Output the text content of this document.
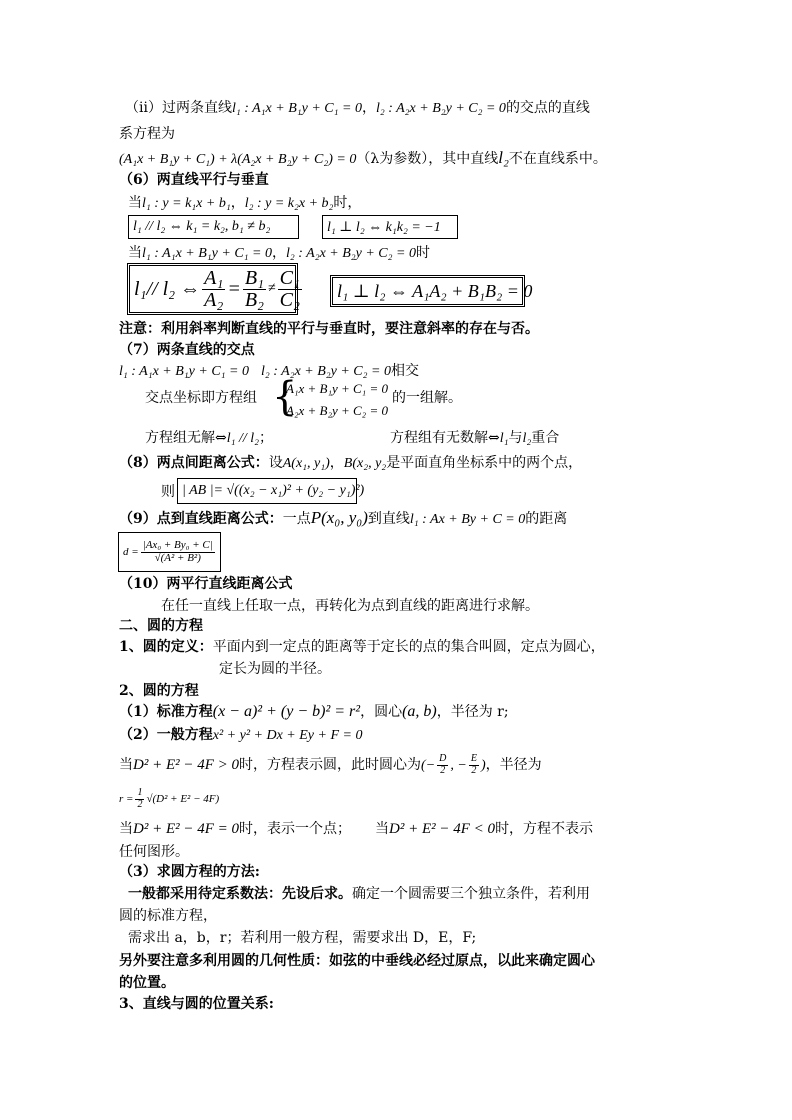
（ⅱ）过两条直线l₁ : A₁x + B₁y + C₁ = 0，l₂ : A₂x + B₂y + C₂ = 0的交点的直线
系方程为
(A₁x + B₁y + C₁) + λ(A₂x + B₂y + C₂) = 0（λ为参数），其中直线l₂不在直线系中。
（6）两直线平行与垂直
当l₁ : y = k₁x + b₁，l₂ : y = k₂x + b₂时，
l₁ // l₂ ⇔ k₁ = k₂, b₁ ≠ b₂	l₁ ⊥ l₂ ⇔ k₁k₂ = −1
当l₁ : A₁x + B₁y + C₁ = 0，l₂ : A₂x + B₂y + C₂ = 0时
l₁// l₂ ⇔ $\frac{\text{A₁}}{\text{A₂}} = \frac{\text{B₁}}{\text{B₂}} \ne \frac{\text{C₁}}{\text{C₂}}$	l₁ ⊥ l₂ ⇔ A₁A₂ + B₁B₂ = 0
注意：利用斜率判断直线的平行与垂直时，要注意斜率的存在与否。
（7）两条直线的交点
l₁ : A₁x + B₁y + C₁ = 0 l₂ : A₂x + B₂y + C₂ = 0相交
交点坐标即方程组 {
A₁x + B₁y + C₁ = 0
A₂x + B₂y + C₂ = 0
的一组解。
方程组无解⇔l₁ // l₂；	方程组有无数解⇔l₁与l₂重合
（8）两点间距离公式：设A(x₁, y₁)，B(x₂, y₂是平面直角坐标系中的两个点，
则 | AB |= √((x₂ − x₁)² + (y₂ − y₁)²)
（9）点到直线距离公式：一点P(x₀, y₀)到直线l₁ : Ax + By + C = 0的距离
$d = \frac{\text{|Ax₀ + By₀ + C|}}{\text{√(A² + B²)}}$
（10）两平行直线距离公式
在任一直线上任取一点，再转化为点到直线的距离进行求解。
二、圆的方程
1、圆的定义：平面内到一定点的距离等于定长的点的集合叫圆，定点为圆心，
定长为圆的半径。
2、圆的方程
（1）标准方程(x − a)² + (y − b)² = r²，圆心(a, b)，半径为 r;
（2）一般方程x² + y² + Dx + Ey + F = 0
当D² + E² − 4F > 0时，方程表示圆，此时圆心为(− $\frac{D}{2}$ , − $\frac{E}{2}$ )，半径为
$r = \frac{1}{2} √(D^2 + E^2 - 4F)$
当D² + E² − 4F = 0时，表示一个点； 当D² + E² − 4F < 0时，方程不表示
任何图形。
（3）求圆方程的方法:
一般都采用待定系数法：先设后求。确定一个圆需要三个独立条件，若利用
圆的标准方程，
需求出 a，b，r；若利用一般方程，需要求出 D，E，F;
另外要注意多利用圆的几何性质：如弦的中垂线必经过原点，以此来确定圆心
的位置。
3、直线与圆的位置关系:
